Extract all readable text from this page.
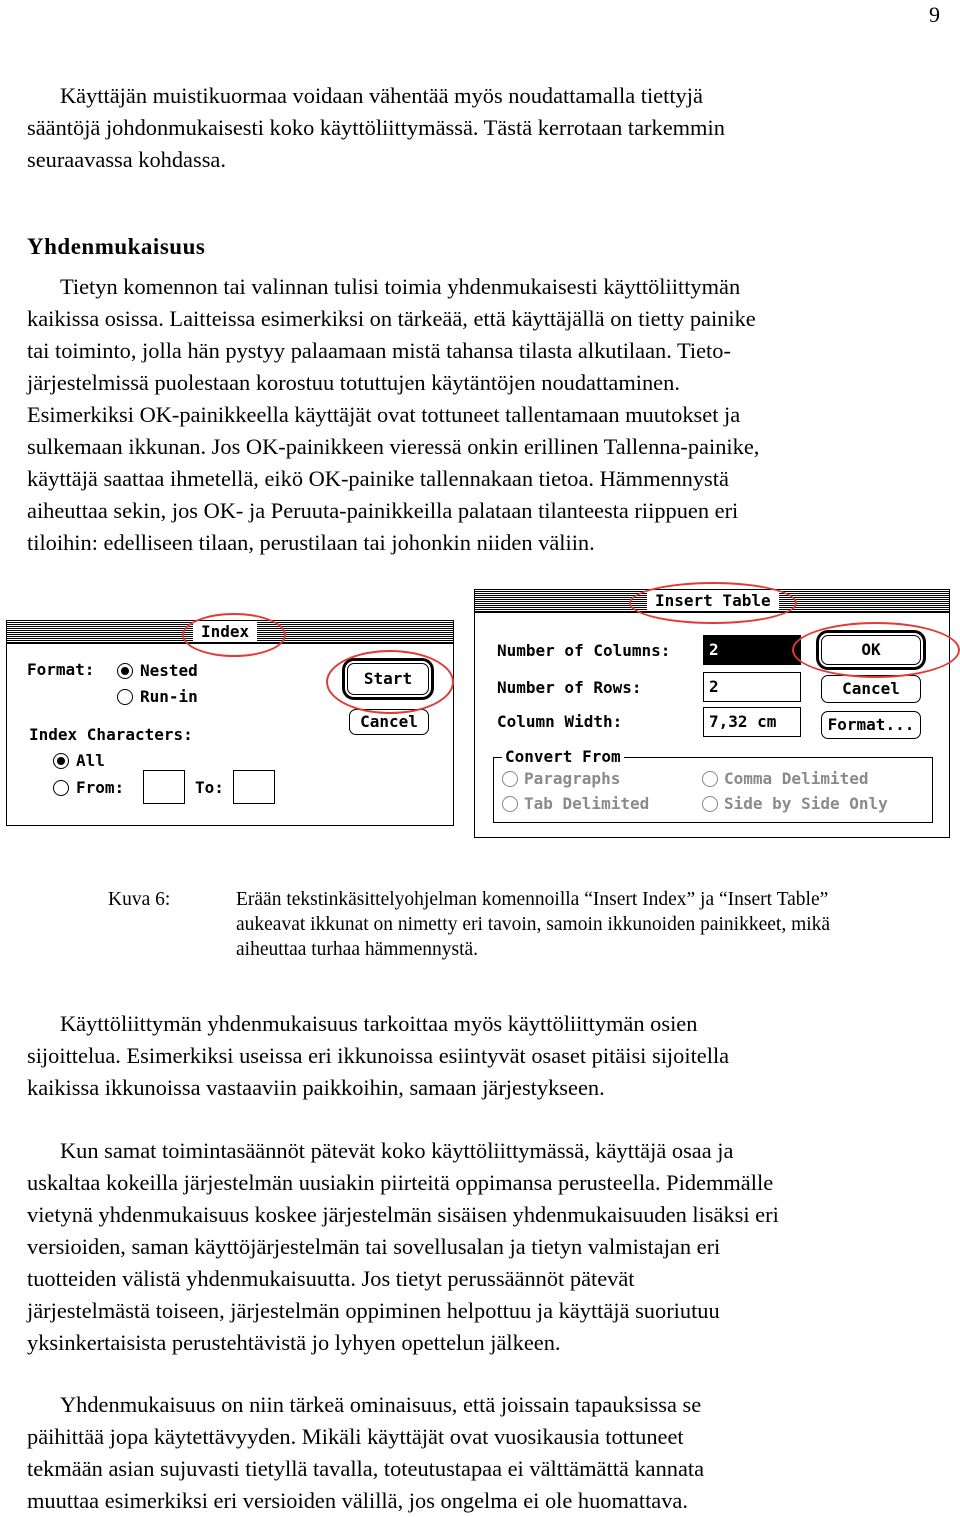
9

Käyttäjän muistikuormaa voidaan vähentää myös noudattamalla tiettyjä
sääntöjä johdonmukaisesti koko käyttöliittymässä. Tästä kerrotaan tarkemmin
seuraavassa kohdassa.

Yhdenmukaisuus

Tietyn komennon tai valinnan tulisi toimia yhdenmukaisesti käyttöliittymän
kaikissa osissa. Laitteissa esimerkiksi on tärkeää, että käyttäjällä on tietty painike
tai toiminto, jolla hän pystyy palaamaan mistä tahansa tilasta alkutilaan. Tieto-
järjestelmissä puolestaan korostuu totuttujen käytäntöjen noudattaminen.
Esimerkiksi OK-painikkeella käyttäjät ovat tottuneet tallentamaan muutokset ja
sulkemaan ikkunan. Jos OK-painikkeen vieressä onkin erillinen Tallenna-painike,
käyttäjä saattaa ihmetellä, eikö OK-painike tallennakaan tietoa. Hämmennystä
aiheuttaa sekin, jos OK- ja Peruuta-painikkeilla palataan tilanteesta riippuen eri
tiloihin: edelliseen tilaan, perustilaan tai johonkin niiden väliin.

Index
Format:	Nested
Run-in
Start
Cancel
Index Characters:
All
From:	To:
Insert Table
Number of Columns:	2
Number of Rows:	2
Column Width:	7,32 cm
OK
Cancel
Format...
Convert From
Paragraphs	Comma Delimited
Tab Delimited	Side by Side Only
Kuva 6:	Erään tekstinkäsittelyohjelman komennoilla “Insert Index” ja “Insert Table”
aukeavat ikkunat on nimetty eri tavoin, samoin ikkunoiden painikkeet, mikä
aiheuttaa turhaa hämmennystä.

Käyttöliittymän yhdenmukaisuus tarkoittaa myös käyttöliittymän osien
sijoittelua. Esimerkiksi useissa eri ikkunoissa esiintyvät osaset pitäisi sijoitella
kaikissa ikkunoissa vastaaviin paikkoihin, samaan järjestykseen.

Kun samat toimintasäännöt pätevät koko käyttöliittymässä, käyttäjä osaa ja
uskaltaa kokeilla järjestelmän uusiakin piirteitä oppimansa perusteella. Pidemmälle
vietynä yhdenmukaisuus koskee järjestelmän sisäisen yhdenmukaisuuden lisäksi eri
versioiden, saman käyttöjärjestelmän tai sovellusalan ja tietyn valmistajan eri
tuotteiden välistä yhdenmukaisuutta. Jos tietyt perussäännöt pätevät
järjestelmästä toiseen, järjestelmän oppiminen helpottuu ja käyttäjä suoriutuu
yksinkertaisista perustehtävistä jo lyhyen opettelun jälkeen.

Yhdenmukaisuus on niin tärkeä ominaisuus, että joissain tapauksissa se
päihittää jopa käytettävyyden. Mikäli käyttäjät ovat vuosikausia tottuneet
tekmään asian sujuvasti tietyllä tavalla, toteutustapaa ei välttämättä kannata
muuttaa esimerkiksi eri versioiden välillä, jos ongelma ei ole huomattava.
